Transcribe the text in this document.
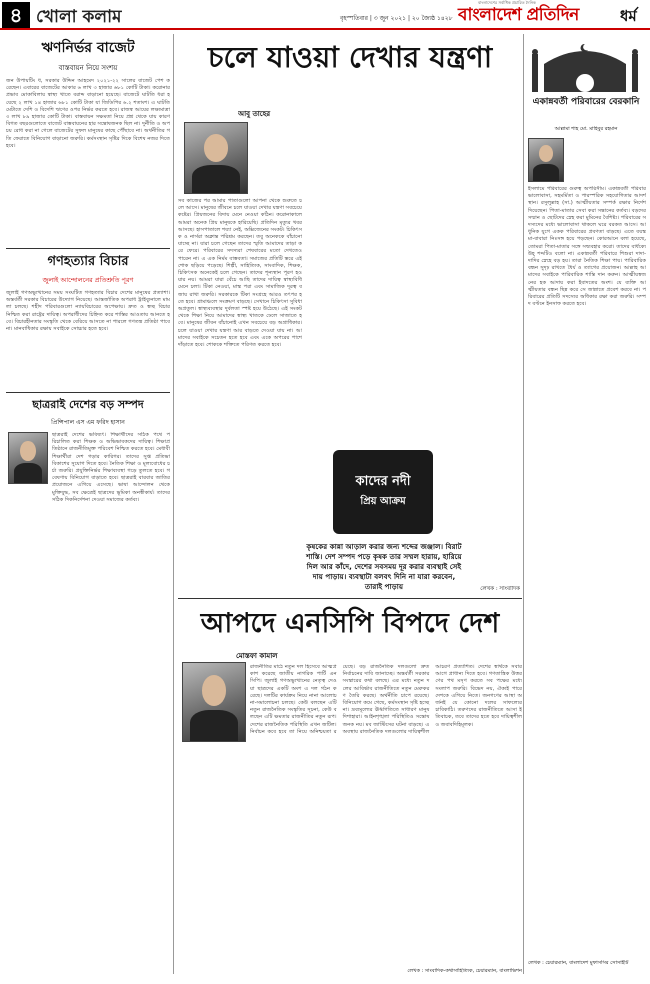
৪ খোলা কলাম	বৃহস্পতিবার | ৩ জুন ২০২১ | ২০ জ্যৈষ্ঠ ১৪২৮
বাংলাদেশের সর্বাধিক প্রচারিত দৈনিক
বাংলাদেশ প্রতিদিন	ধর্ম
ঋণনির্ভর বাজেট
বাস্তবায়ন নিয়ে সংশয়
জন উপায়টিং ধ, সরকার উদ্দিন আহমেদ ২০২১-২২ সালের বাজেট পেশ করেছেন। এবারের বাজেটের আকার ৬ লাখ ৩ হাজার ৬৮১ কোটি টাকা। করোনার প্রভাব মোকাবিলায় স্বাস্থ্য খাতে বরাদ্দ বাড়ানো হয়েছে। বাজেটে ঘাটতি ধরা হয়েছে ২ লাখ ১৪ হাজার ৬৮১ কোটি টাকা যা জিডিপির ৬.২ শতাংশ। এ ঘাটতি মেটাতে দেশি ও বিদেশি ঋণের ওপর নির্ভর করতে হবে। রাজস্ব আয়ের লক্ষ্যমাত্রা ৩ লাখ ৮৯ হাজার কোটি টাকা। বাস্তবায়ন সক্ষমতা নিয়ে প্রশ্ন থেকে যায় কারণ বিগত বছরগুলোতে বাজেট বাস্তবায়নের হার সন্তোষজনক ছিল না। দুর্নীতি ও অপচয় রোধ করা না গেলে বাজেটের সুফল মানুষের কাছে পৌঁছাবে না। অর্থনীতির গতি ফেরাতে বিনিয়োগ বাড়ানো জরুরি। কর্মসংস্থান সৃষ্টির দিকে বিশেষ নজর দিতে হবে।
গণহত্যার বিচার
জুলাই আন্দোলনের প্রতিশ্রুতি পূরণ
জুলাই গণঅভ্যুত্থানের সময় সংঘটিত গণহত্যার বিচার দেশের মানুষের প্রত্যাশা। অন্তর্বর্তী সরকার বিচারের উদ্যোগ নিয়েছে। আন্তর্জাতিক অপরাধ ট্রাইব্যুনালে মামলা চলছে। শহীদ পরিবারগুলো ন্যায়বিচারের অপেক্ষায়। দ্রুত ও স্বচ্ছ বিচার নিশ্চিত করা রাষ্ট্রের দায়িত্ব। অপরাধীদের চিহ্নিত করে শাস্তির আওতায় আনতে হবে। বিচারহীনতার সংস্কৃতি থেকে বেরিয়ে আসতে না পারলে গণতন্ত্র প্রতিষ্ঠা পাবে না। মানবাধিকার রক্ষায় সবাইকে সোচ্চার হতে হবে।
ছাত্ররাই দেশের বড় সম্পদ
প্রিন্সিপাল এস এম ফরিদ হাসান
ছাত্ররাই দেশের ভবিষ্যৎ। শিক্ষার্থীদের সঠিক পথে পরিচালিত করা শিক্ষক ও অভিভাবকদের দায়িত্ব। শিক্ষাপ্রতিষ্ঠানে রাজনীতিমুক্ত পরিবেশ নিশ্চিত করতে হবে। মেধাবী শিক্ষার্থীরা দেশ গড়ার কারিগর। তাদের সুপ্ত প্রতিভা বিকাশের সুযোগ দিতে হবে। নৈতিক শিক্ষা ও মূল্যবোধের চর্চা জরুরি। প্রযুক্তিনির্ভর শিক্ষাব্যবস্থা গড়ে তুলতে হবে। গবেষণায় বিনিয়োগ বাড়াতে হবে। ছাত্ররাই বারবার জাতির প্রয়োজনে এগিয়ে এসেছে। ভাষা আন্দোলন থেকে মুক্তিযুদ্ধ, সব ক্ষেত্রেই ছাত্রদের ভূমিকা অনস্বীকার্য। তাদের সঠিক দিকনির্দেশনা দেওয়া সমাজের কর্তব্য।
চলে যাওয়া দেখার যন্ত্রণা
আবু তাহের
সব কাজের পর আমার পাতাগুলো আপনা থেকে শুরুতে চলে আসে। মানুষের জীবনে চলে যাওয়া দেখার যন্ত্রণা সবচেয়ে কষ্টের। প্রিয়জনের বিদায় মেনে নেওয়া কঠিন। করোনাকালে আমরা অনেক প্রিয় মানুষকে হারিয়েছি। প্রতিদিন মৃত্যুর খবর আসছে। হাসপাতালে শয্যা নেই, অক্সিজেনের সংকট। চিকিৎসক ও নার্সরা অক্লান্ত পরিশ্রম করছেন। তবু অনেককে বাঁচানো যাচ্ছে না। যারা চলে গেছেন তাদের স্মৃতি আমাদের তাড়া করে ফেরে। পরিবারের সদস্যরা শেষবারের মতো দেখতেও পারেন না। এ এক নির্মম বাস্তবতা। সমাজের প্রতিটি স্তরে এই শোক ছড়িয়ে পড়েছে। শিল্পী, সাহিত্যিক, সাংবাদিক, শিক্ষক, চিকিৎসক অনেকেই চলে গেছেন। তাদের শূন্যস্থান পূরণ হওয়ার নয়। আমরা যারা বেঁচে আছি তাদের দায়িত্ব স্বাস্থ্যবিধি মেনে চলা। টিকা নেওয়া, মাস্ক পরা এবং সামাজিক দূরত্ব বজায় রাখা জরুরি। সরকারকে টিকা সংগ্রহে আরও তৎপর হতে হবে। গ্রামাঞ্চলে সংক্রমণ বাড়ছে। সেখানে চিকিৎসা সুবিধা অপ্রতুল। স্বাস্থ্যব্যবস্থার দুর্বলতা স্পষ্ট হয়ে উঠেছে। এই সংকট থেকে শিক্ষা নিয়ে আমাদের স্বাস্থ্য খাতকে ঢেলে সাজাতে হবে। মানুষের জীবন বাঁচানোই এখন সবচেয়ে বড় অগ্রাধিকার। চলে যাওয়া দেখার যন্ত্রণা আর বাড়তে দেওয়া যায় না। আমাদের সবাইকে সচেতন হতে হবে এবং একে অপরের পাশে দাঁড়াতে হবে। শোককে শক্তিতে পরিণত করতে হবে।
লেখক : সাংবাদিক
কাদের নদী
প্রিয় আক্রম
কৃষকের কান্না আড়াল করার জন্য শব্দের জঞ্জাল। বিরাট শাস্তি। দেশ সম্পদ পড়ে কৃষক তার সম্মল হারায়, হারিয়ে দিল আর কাঁদে, দেশের সবসময় দূর করার ব্যবস্থাই সেই দায় পাড়ায়। ব্যবস্থাটা বলবৎ দিনি না যারা করবেন, তারাই পাড়ায়
আপদে এনসিপি বিপদে দেশ
মোস্তফা কামাল
রাজনীতির মাঠে নতুন দল হিসেবে আত্মপ্রকাশ করেছে জাতীয় নাগরিক পার্টি এনসিপি। জুলাই গণঅভ্যুত্থানের নেতৃত্ব দেওয়া ছাত্রদের একটি অংশ এ দল গঠন করেছে। দলটির কার্যক্রম নিয়ে নানা আলোচনা-সমালোচনা চলছে। কেউ বলছেন এটি নতুন রাজনৈতিক সংস্কৃতির সূচনা, কেউ বলছেন এটি ক্ষমতার রাজনীতির নতুন রূপ। দেশের রাজনৈতিক পরিস্থিতি এখন জটিল। নির্বাচন কবে হবে তা নিয়ে অনিশ্চয়তা রয়েছে। বড় রাজনৈতিক দলগুলো দ্রুত নির্বাচনের দাবি জানাচ্ছে। অন্তর্বর্তী সরকার সংস্কারের কথা বলছে। এর মধ্যে নতুন দলের আবির্ভাব রাজনীতিতে নতুন মেরুকরণ তৈরি করছে। অর্থনীতি চাপে রয়েছে। বিনিয়োগ কমে গেছে, কর্মসংস্থান সৃষ্টি হচ্ছে না। দ্রব্যমূল্যের ঊর্ধ্বগতিতে সাধারণ মানুষ দিশাহারা। আইনশৃঙ্খলা পরিস্থিতিও সন্তোষজনক নয়। মব জাস্টিসের ঘটনা বাড়ছে। এ অবস্থায় রাজনৈতিক দলগুলোর দায়িত্বশীল আচরণ প্রত্যাশিত। দেশের স্বার্থকে সবার আগে প্রাধান্য দিতে হবে। গণতান্ত্রিক উত্তরণের পথ মসৃণ করতে সব পক্ষের মধ্যে সংলাপ জরুরি। বিভেদ নয়, ঐক্যই পারে দেশকে এগিয়ে নিতে। জনগণের আস্থা অর্জনই যে কোনো দলের সাফল্যের চাবিকাঠি। তরুণদের রাজনীতিতে আসা ইতিবাচক, তবে তাদের হতে হবে দায়িত্বশীল ও জবাবদিহিমূলক।
লেখক : সাংবাদিক-কথাসাহিত্যিক, চেয়ারম্যান, বাংলাভিশন
একান্নবর্তী পরিবারের বেরকানি
আল্লামা শাহ মো. মাহিবুর রহমান
ইসলামে পরিবারের গুরুত্ব অপরিসীম। একান্নবর্তী পরিবার ভালোবাসা, সহমর্মিতা ও পারস্পরিক সহযোগিতার আদর্শ স্থান। রসুলুল্লাহ (সা.) আত্মীয়তার সম্পর্ক রক্ষার নির্দেশ দিয়েছেন। পিতা-মাতার সেবা করা সন্তানের কর্তব্য। বড়দের সম্মান ও ছোটদের স্নেহ করা মুমিনের বৈশিষ্ট্য। পরিবারের সদস্যদের মধ্যে ভালোবাসা থাকলে ঘরে বরকত আসে। আধুনিক যুগে একক পরিবারের প্রবণতা বাড়ছে। এতে বয়স্ক মা-বাবারা নিঃসঙ্গ হয়ে পড়ছেন। কোরআনে বলা হয়েছে, তোমরা পিতা-মাতার সঙ্গে সদ্ব্যবহার করো। তাদের বার্ধক্যে উহ্ শব্দটিও বলো না। একান্নবর্তী পরিবারে শিশুরা দাদা-দাদির স্নেহে বড় হয়। তারা নৈতিক শিক্ষা পায়। পারিবারিক বন্ধন সুদৃঢ় রাখতে ধৈর্য ও ত্যাগের প্রয়োজন। আল্লাহ আমাদের সবাইকে পারিবারিক শান্তি দান করুন। আত্মীয়স্বজনের হক আদায় করা ইবাদতের অংশ। যে ব্যক্তি আত্মীয়তার বন্ধন ছিন্ন করে সে জান্নাতে প্রবেশ করবে না। পরিবারের প্রতিটি সদস্যের অধিকার রক্ষা করা জরুরি। সম্পদ বণ্টনে ইনসাফ করতে হবে।
লেখক : চেয়ারম্যান, বাংলাদেশ মুফাসসির সোসাইটি
